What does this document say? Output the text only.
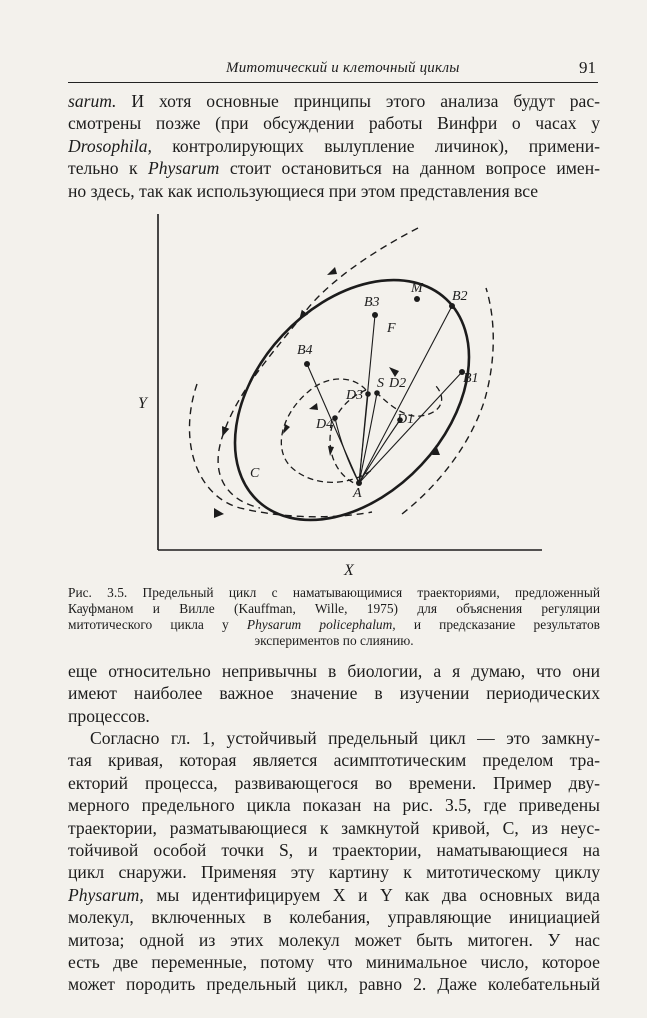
Митотический и клеточный циклы	91
sarum. И хотя основные принципы этого анализа будут рас-
смотрены позже (при обсуждении работы Винфри о часах у
Drosophila, контролирующих вылупление личинок), примени-
тельно к Physarum стоит остановиться на данном вопросе имен-
но здесь, так как использующиеся при этом представления все
Y
X
M
B2
B3
F
B4
B1
S D2
D3
D1
D4
C
A
Рис. 3.5. Предельный цикл с наматывающимися траекториями, предложенный
Кауфманом и Вилле (Kauffman, Wille, 1975) для объяснения регуляции
митотического цикла у Physarum policephalum, и предсказание результатов
экспериментов по слиянию.
еще относительно непривычны в биологии, а я думаю, что они
имеют наиболее важное значение в изучении периодических
процессов.
Согласно гл. 1, устойчивый предельный цикл — это замкну-
тая кривая, которая является асимптотическим пределом тра-
екторий процесса, развивающегося во времени. Пример дву-
мерного предельного цикла показан на рис. 3.5, где приведены
траектории, разматывающиеся к замкнутой кривой, C, из неус-
тойчивой особой точки S, и траектории, наматывающиеся на
цикл снаружи. Применяя эту картину к митотическому циклу
Physarum, мы идентифицируем X и Y как два основных вида
молекул, включенных в колебания, управляющие инициацией
митоза; одной из этих молекул может быть митоген. У нас
есть две переменные, потому что минимальное число, которое
может породить предельный цикл, равно 2. Даже колебательный
